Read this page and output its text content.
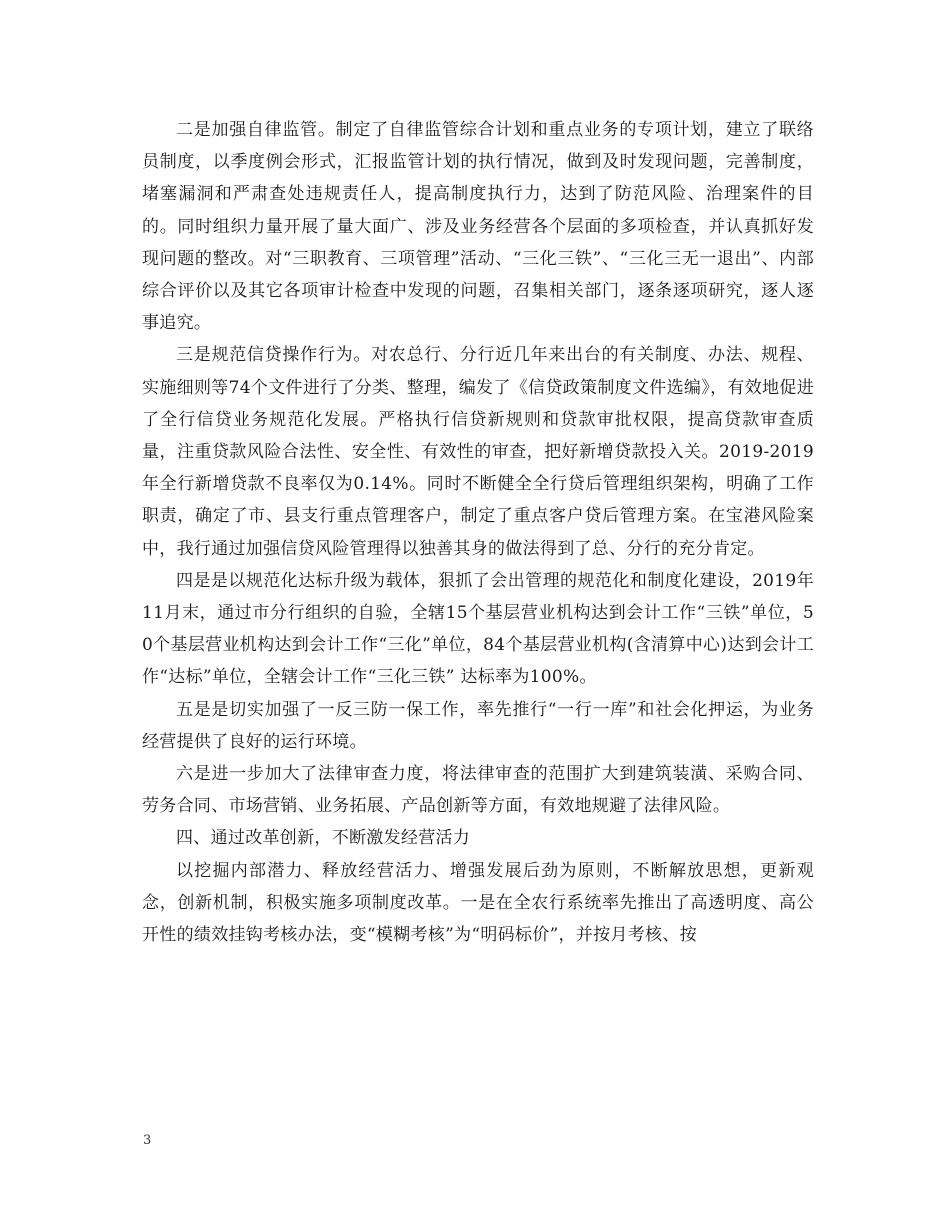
二是加强自律监管。制定了自律监管综合计划和重点业务的专项计划，建立了联络员制度，以季度例会形式，汇报监管计划的执行情况，做到及时发现问题，完善制度，堵塞漏洞和严肃查处违规责任人，提高制度执行力，达到了防范风险、治理案件的目的。同时组织力量开展了量大面广、涉及业务经营各个层面的多项检查，并认真抓好发现问题的整改。对“三职教育、三项管理”活动、“三化三铁”、“三化三无一退出”、内部综合评价以及其它各项审计检查中发现的问题，召集相关部门，逐条逐项研究，逐人逐事追究。

三是规范信贷操作行为。对农总行、分行近几年来出台的有关制度、办法、规程、实施细则等74个文件进行了分类、整理，编发了《信贷政策制度文件选编》，有效地促进了全行信贷业务规范化发展。严格执行信贷新规则和贷款审批权限，提高贷款审查质量，注重贷款风险合法性、安全性、有效性的审查，把好新增贷款投入关。2019-2019年全行新增贷款不良率仅为0.14%。同时不断健全全行贷后管理组织架构，明确了工作职责，确定了市、县支行重点管理客户，制定了重点客户贷后管理方案。在宝港风险案中，我行通过加强信贷风险管理得以独善其身的做法得到了总、分行的充分肯定。

四是是以规范化达标升级为载体，狠抓了会出管理的规范化和制度化建设，2019年11月末，通过市分行组织的自验，全辖15个基层营业机构达到会计工作“三铁”单位，50个基层营业机构达到会计工作“三化”单位，84个基层营业机构(含清算中心)达到会计工作“达标”单位，全辖会计工作“三化三铁” 达标率为100%。

五是是切实加强了一反三防一保工作，率先推行“一行一库”和社会化押运，为业务经营提供了良好的运行环境。

六是进一步加大了法律审查力度，将法律审查的范围扩大到建筑装潢、采购合同、劳务合同、市场营销、业务拓展、产品创新等方面，有效地规避了法律风险。

四、通过改革创新，不断激发经营活力

以挖掘内部潜力、释放经营活力、增强发展后劲为原则，不断解放思想，更新观念，创新机制，积极实施多项制度改革。一是在全农行系统率先推出了高透明度、高公开性的绩效挂钩考核办法，变“模糊考核”为“明码标价”，并按月考核、按

3
